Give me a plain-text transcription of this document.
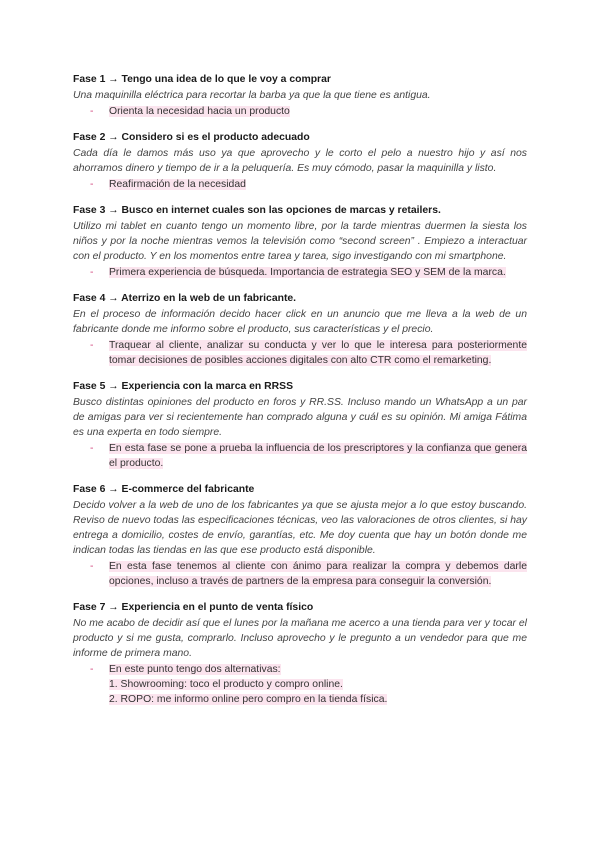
Fase 1 → Tengo una idea de lo que le voy a comprar

Una maquinilla eléctrica para recortar la barba ya que la que tiene es antigua.

- Orienta la necesidad hacia un producto
Fase 2 → Considero si es el producto adecuado

Cada día le damos más uso ya que aprovecho y le corto el pelo a nuestro hijo y así nos ahorramos dinero y tiempo de ir a la peluquería. Es muy cómodo, pasar la maquinilla y listo.

- Reafirmación de la necesidad
Fase 3 → Busco en internet cuales son las opciones de marcas y retailers.

Utilizo mi tablet en cuanto tengo un momento libre, por la tarde mientras duermen la siesta los niños y por la noche mientras vemos la televisión como “second screen” . Empiezo a interactuar con el producto. Y en los momentos entre tarea y tarea, sigo investigando con mi smartphone.

- Primera experiencia de búsqueda. Importancia de estrategia SEO y SEM de la marca.
Fase 4 → Aterrizo en la web de un fabricante.

En el proceso de información decido hacer click en un anuncio que me lleva a la web de un fabricante donde me informo sobre el producto, sus características y el precio.

- Traquear al cliente, analizar su conducta y ver lo que le interesa para posteriormente tomar decisiones de posibles acciones digitales con alto CTR como el remarketing.
Fase 5 → Experiencia con la marca en RRSS

Busco distintas opiniones del producto en foros y RR.SS. Incluso mando un WhatsApp a un par de amigas para ver si recientemente han comprado alguna y cuál es su opinión. Mi amiga Fátima es una experta en todo siempre.

- En esta fase se pone a prueba la influencia de los prescriptores y la confianza que genera el producto.
Fase 6 → E-commerce del fabricante

Decido volver a la web de uno de los fabricantes ya que se ajusta mejor a lo que estoy buscando. Reviso de nuevo todas las especificaciones técnicas, veo las valoraciones de otros clientes, si hay entrega a domicilio, costes de envío, garantías, etc. Me doy cuenta que hay un botón donde me indican todas las tiendas en las que ese producto está disponible.

- En esta fase tenemos al cliente con ánimo para realizar la compra y debemos darle opciones, incluso a través de partners de la empresa para conseguir la conversión.
Fase 7 → Experiencia en el punto de venta físico

No me acabo de decidir así que el lunes por la mañana me acerco a una tienda para ver y tocar el producto y si me gusta, comprarlo. Incluso aprovecho y le pregunto a un vendedor para que me informe de primera mano.

- En este punto tengo dos alternativas:
1. Showrooming: toco el producto y compro online.
2. ROPO: me informo online pero compro en la tienda física.
